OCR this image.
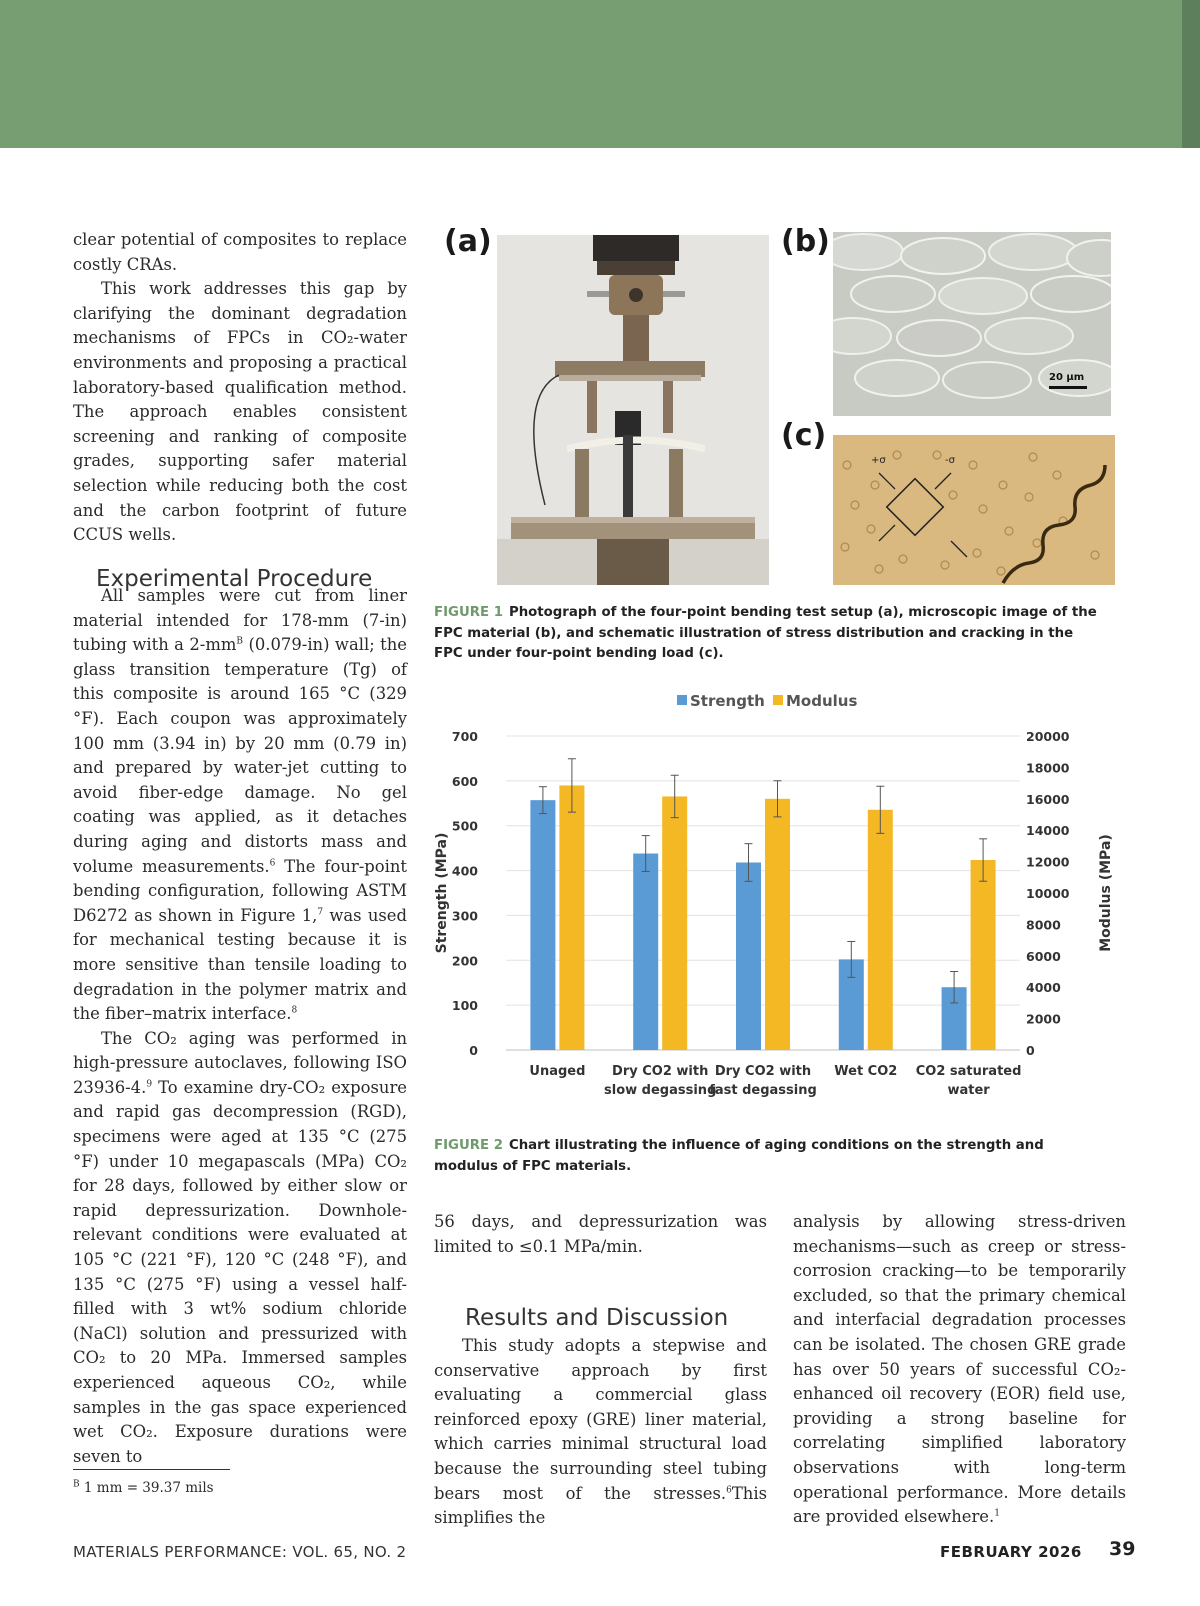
clear potential of composites to replace costly CRAs.

This work addresses this gap by clarifying the dominant degradation mechanisms of FPCs in CO₂-water environments and proposing a practical laboratory-based qualification method. The approach enables consistent screening and ranking of composite grades, supporting safer material selection while reducing both the cost and the carbon footprint of future CCUS wells.

Experimental Procedure

All samples were cut from liner material intended for 178-mm (7-in) tubing with a $2-mm^B$ (0.079-in) wall; the glass transition temperature (Tg) of this composite is around 165 °C (329 °F). Each coupon was approximately 100 mm (3.94 in) by 20 mm (0.79 in) and prepared by water-jet cutting to avoid fiber-edge damage. No gel coating was applied, as it detaches during aging and distorts mass and volume measurements.$^6$ The four-point bending configuration, following ASTM D6272 as shown in Figure 1,$^7$ was used for mechanical testing because it is more sensitive than tensile loading to degradation in the polymer matrix and the fiber–matrix interface.$^8$

The CO₂ aging was performed in high-pressure autoclaves, following ISO 23936-4.$^9$ To examine dry-CO₂ exposure and rapid gas decompression (RGD), specimens were aged at 135 °C (275 °F) under 10 megapascals (MPa) CO₂ for 28 days, followed by either slow or rapid depressurization. Downhole-relevant conditions were evaluated at 105 °C (221 °F), 120 °C (248 °F), and 135 °C (275 °F) using a vessel half-filled with 3 wt% sodium chloride (NaCl) solution and pressurized with CO₂ to 20 MPa. Immersed samples experienced aqueous CO₂, while samples in the gas space experienced wet CO₂. Exposure durations were seven to

$^B$ 1 mm = 39.37 mils
(a)	(b)
(c)
20 μm
+σ	-σ
FIGURE 1 Photograph of the four-point bending test setup (a), microscopic image of the FPC material (b), and schematic illustration of stress distribution and cracking in the FPC under four-point bending load (c).
0
100
200
300
400
500
600
700
0
2000
4000
6000
8000
10000
12000
14000
16000
18000
20000
Unaged Dry CO2 with
slow degassing
Dry CO2 with
fast degassing
Wet CO2 CO2 saturated
water
Strength Modulus
Strength (MPa)	Modulus (MPa)
FIGURE 2 Chart illustrating the influence of aging conditions on the strength and modulus of FPC materials.

56 days, and depressurization was limited to ≤0.1 MPa/min.

Results and Discussion

This study adopts a stepwise and conservative approach by first evaluating a commercial glass reinforced epoxy (GRE) liner material, which carries minimal structural load because the surrounding steel tubing bears most of the stresses.$^6$This simplifies the

analysis by allowing stress-driven mechanisms—such as creep or stress-corrosion cracking—to be temporarily excluded, so that the primary chemical and interfacial degradation processes can be isolated. The chosen GRE grade has over 50 years of successful CO₂-enhanced oil recovery (EOR) field use, providing a strong baseline for correlating simplified laboratory observations with long-term operational performance. More details are provided elsewhere.$^1$

MATERIALS PERFORMANCE: VOL. 65, NO. 2	FEBRUARY 2026 39
